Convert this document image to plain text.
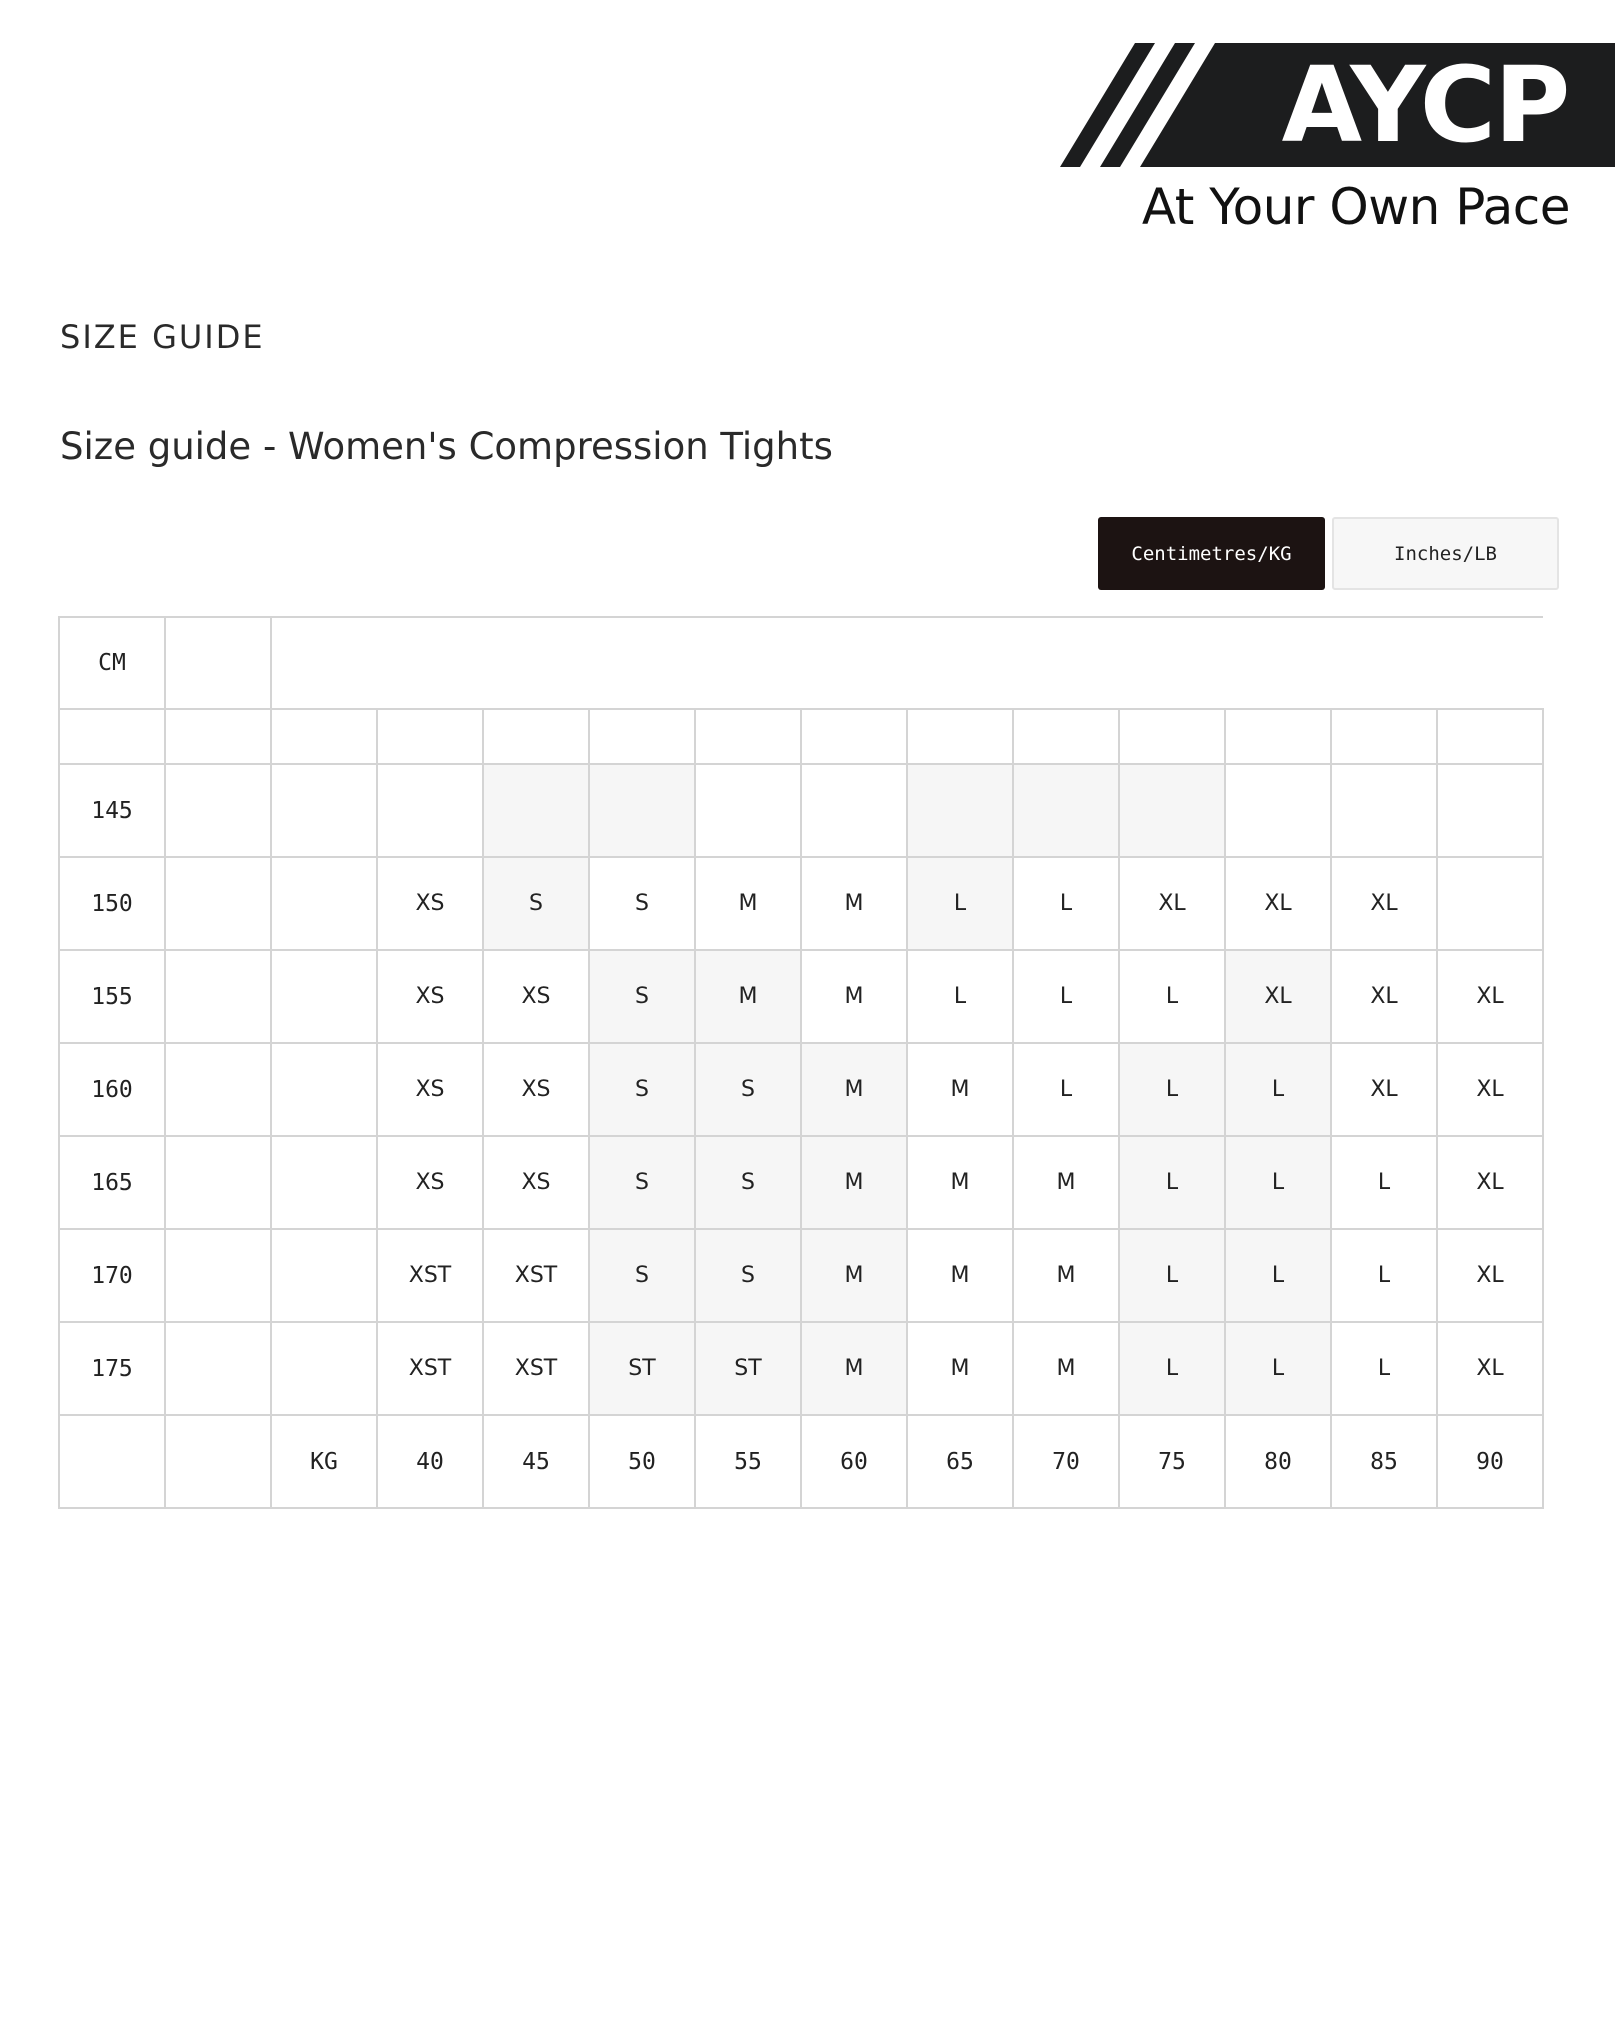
AYCP
At Your Own Pace
SIZE GUIDE
Size guide - Women's Compression Tights
Centimetres/KG	Inches/LB
CM													

145													
150			XS	S	S	M	M	L	L	XL	XL	XL	
155			XS	XS	S	M	M	L	L	L	XL	XL	XL
160			XS	XS	S	S	M	M	L	L	L	XL	XL
165			XS	XS	S	S	M	M	M	L	L	L	XL
170			XST	XST	S	S	M	M	M	L	L	L	XL
175			XST	XST	ST	ST	M	M	M	L	L	L	XL
		KG	40	45	50	55	60	65	70	75	80	85	90
